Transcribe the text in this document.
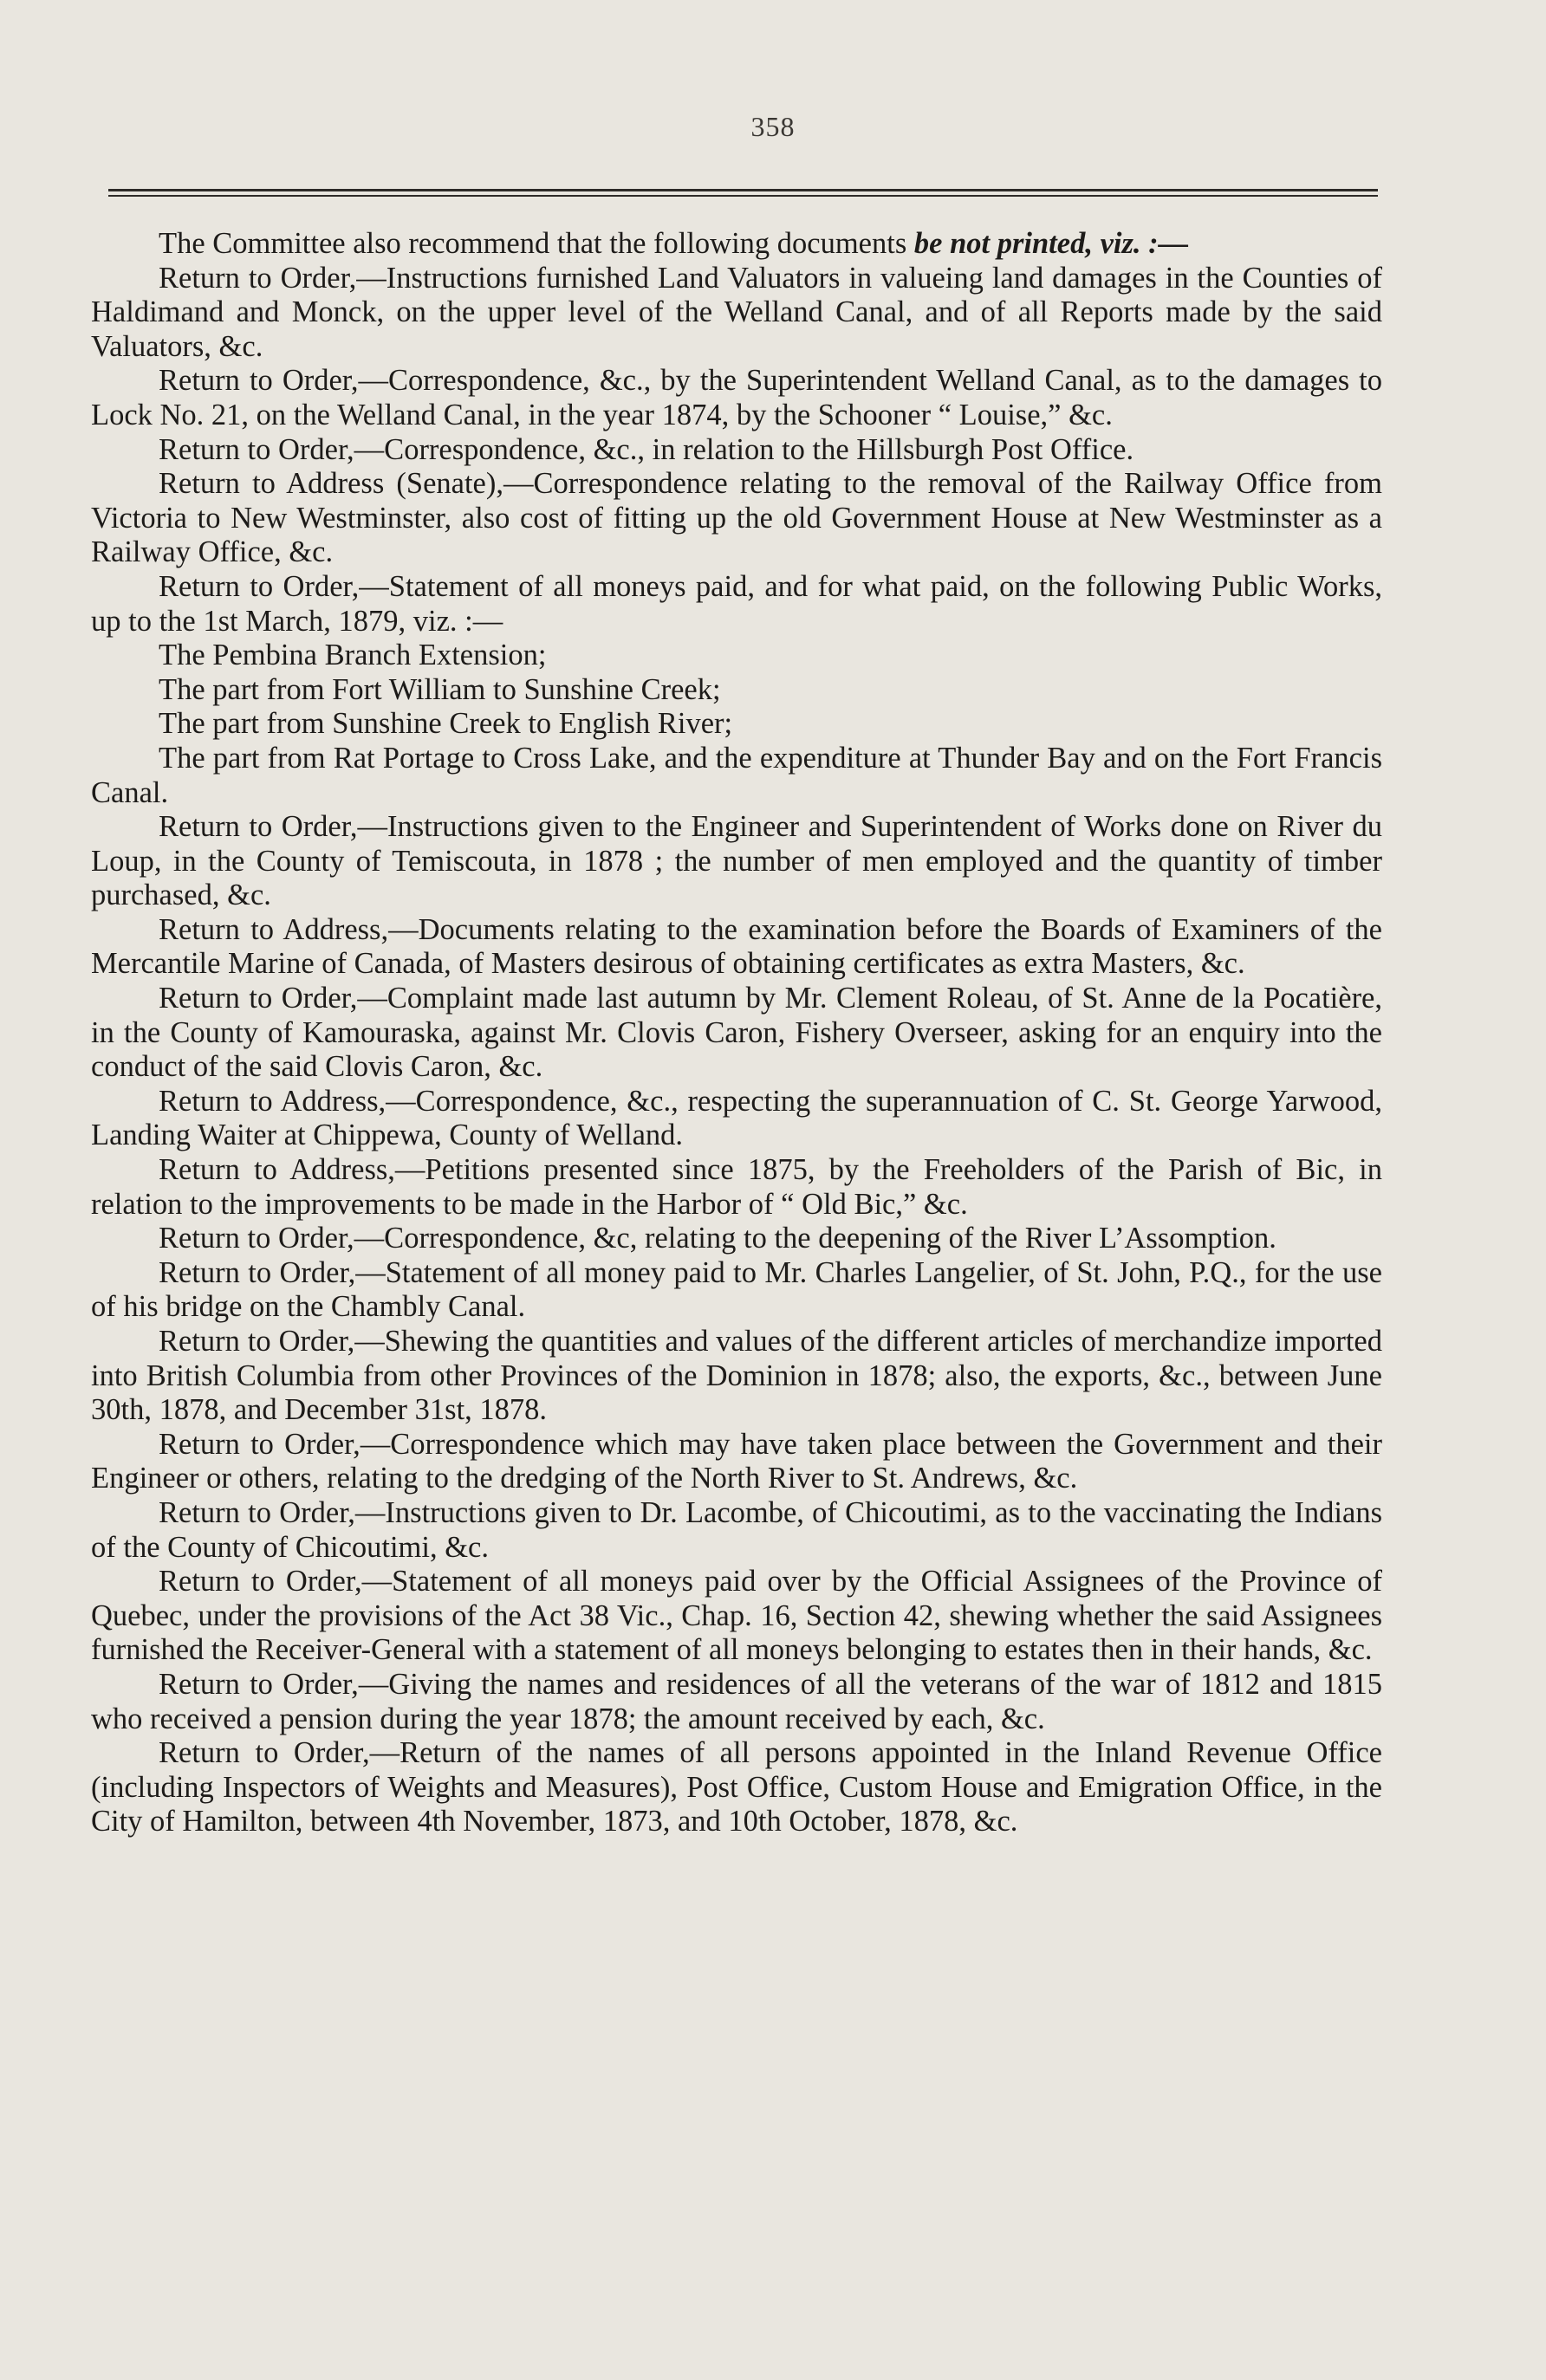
358

The Committee also recommend that the following documents be not printed, viz. :—

Return to Order,—Instructions furnished Land Valuators in valueing land damages in the Counties of Haldimand and Monck, on the upper level of the Welland Canal, and of all Reports made by the said Valuators, &c.

Return to Order,—Correspondence, &c., by the Superintendent Welland Canal, as to the damages to Lock No. 21, on the Welland Canal, in the year 1874, by the Schooner “ Louise,” &c.

Return to Order,—Correspondence, &c., in relation to the Hillsburgh Post Office.

Return to Address (Senate),—Correspondence relating to the removal of the Railway Office from Victoria to New Westminster, also cost of fitting up the old Government House at New Westminster as a Railway Office, &c.

Return to Order,—Statement of all moneys paid, and for what paid, on the following Public Works, up to the 1st March, 1879, viz. :—

The Pembina Branch Extension;

The part from Fort William to Sunshine Creek;

The part from Sunshine Creek to English River;

The part from Rat Portage to Cross Lake, and the expenditure at Thunder Bay and on the Fort Francis Canal.

Return to Order,—Instructions given to the Engineer and Superintendent of Works done on River du Loup, in the County of Temiscouta, in 1878 ; the number of men employed and the quantity of timber purchased, &c.

Return to Address,—Documents relating to the examination before the Boards of Examiners of the Mercantile Marine of Canada, of Masters desirous of obtaining certificates as extra Masters, &c.

Return to Order,—Complaint made last autumn by Mr. Clement Roleau, of St. Anne de la Pocatière, in the County of Kamouraska, against Mr. Clovis Caron, Fishery Overseer, asking for an enquiry into the conduct of the said Clovis Caron, &c.

Return to Address,—Correspondence, &c., respecting the superannuation of C. St. George Yarwood, Landing Waiter at Chippewa, County of Welland.

Return to Address,—Petitions presented since 1875, by the Freeholders of the Parish of Bic, in relation to the improvements to be made in the Harbor of “ Old Bic,” &c.

Return to Order,—Correspondence, &c, relating to the deepening of the River L’Assomption.

Return to Order,—Statement of all money paid to Mr. Charles Langelier, of St. John, P.Q., for the use of his bridge on the Chambly Canal.

Return to Order,—Shewing the quantities and values of the different articles of merchandize imported into British Columbia from other Provinces of the Dominion in 1878; also, the exports, &c., between June 30th, 1878, and December 31st, 1878.

Return to Order,—Correspondence which may have taken place between the Government and their Engineer or others, relating to the dredging of the North River to St. Andrews, &c.

Return to Order,—Instructions given to Dr. Lacombe, of Chicoutimi, as to the vaccinating the Indians of the County of Chicoutimi, &c.

Return to Order,—Statement of all moneys paid over by the Official Assignees of the Province of Quebec, under the provisions of the Act 38 Vic., Chap. 16, Section 42, shewing whether the said Assignees furnished the Receiver-General with a statement of all moneys belonging to estates then in their hands, &c.

Return to Order,—Giving the names and residences of all the veterans of the war of 1812 and 1815 who received a pension during the year 1878; the amount received by each, &c.

Return to Order,—Return of the names of all persons appointed in the Inland Revenue Office (including Inspectors of Weights and Measures), Post Office, Custom House and Emigration Office, in the City of Hamilton, between 4th November, 1873, and 10th October, 1878, &c.
